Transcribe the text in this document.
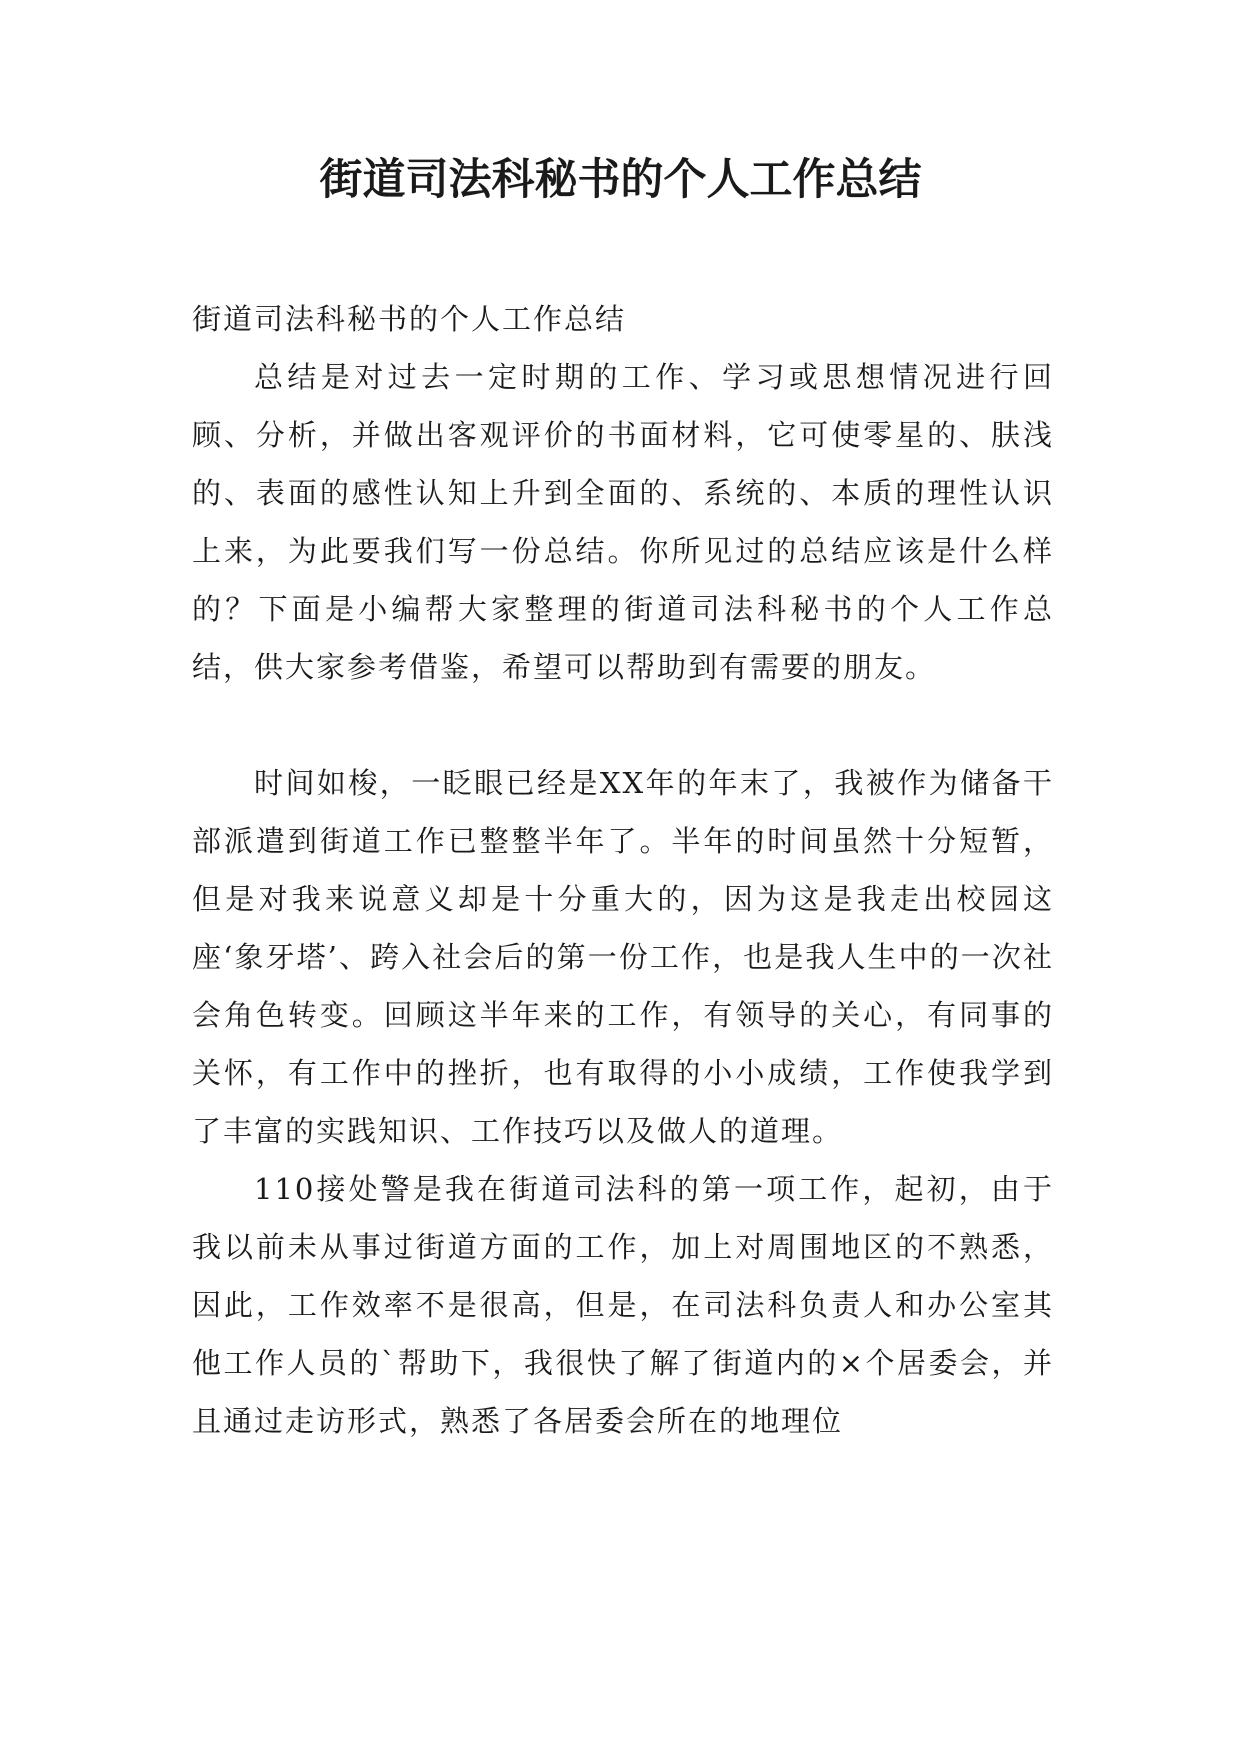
街道司法科秘书的个人工作总结

街道司法科秘书的个人工作总结

总结是对过去一定时期的工作、学习或思想情况进行回顾、分析，并做出客观评价的书面材料，它可使零星的、肤浅的、表面的感性认知上升到全面的、系统的、本质的理性认识上来，为此要我们写一份总结。你所见过的总结应该是什么样的？下面是小编帮大家整理的街道司法科秘书的个人工作总结，供大家参考借鉴，希望可以帮助到有需要的朋友。

时间如梭，一眨眼已经是XX年的年末了，我被作为储备干部派遣到街道工作已整整半年了。半年的时间虽然十分短暂，但是对我来说意义却是十分重大的，因为这是我走出校园这座‘象牙塔’、跨入社会后的第一份工作，也是我人生中的一次社会角色转变。回顾这半年来的工作，有领导的关心，有同事的关怀，有工作中的挫折，也有取得的小小成绩，工作使我学到了丰富的实践知识、工作技巧以及做人的道理。

110接处警是我在街道司法科的第一项工作，起初，由于我以前未从事过街道方面的工作，加上对周围地区的不熟悉，因此，工作效率不是很高，但是，在司法科负责人和办公室其他工作人员的`帮助下，我很快了解了街道内的×个居委会，并且通过走访形式，熟悉了各居委会所在的地理位
